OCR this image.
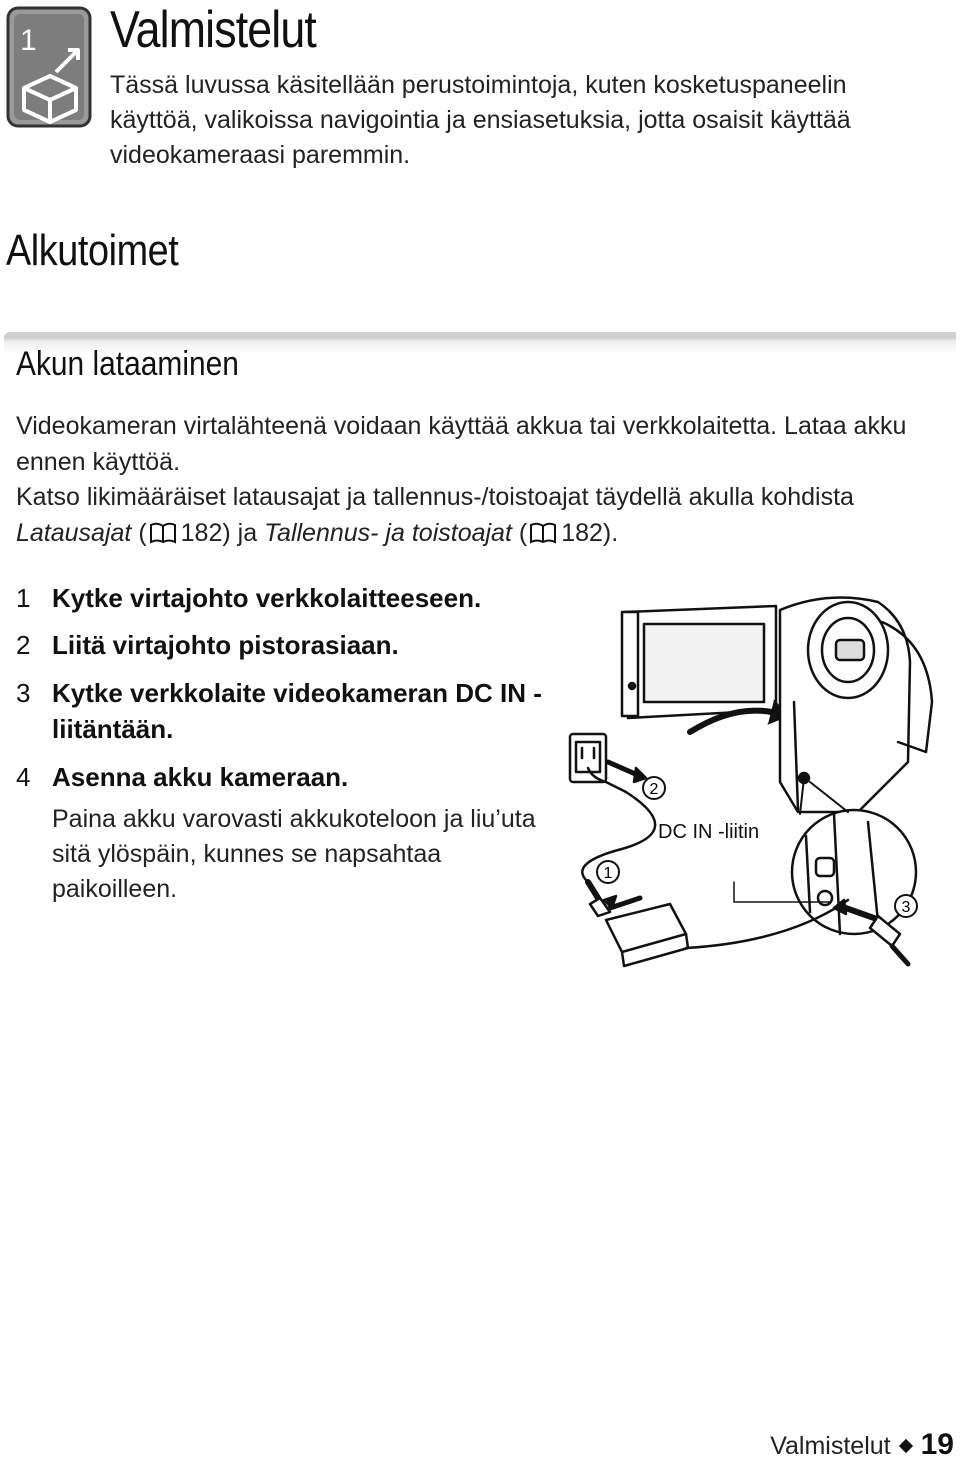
1 Valmistelut

Tässä luvussa käsitellään perustoimintoja, kuten kosketuspaneelin käyttöä, valikoissa navigointia ja ensiasetuksia, jotta osaisit käyttää videokameraasi paremmin.

Alkutoimet
Akun lataaminen

Videokameran virtalähteenä voidaan käyttää akkua tai verkkolaitetta. Lataa akku ennen käyttöä.

Katso likimääräiset latausajat ja tallennus-/toistoajat täydellä akulla kohdista Latausajat ( 182) ja Tallennus- ja toistoajat ( 182).

1 Kytke virtajohto verkkolaitteeseen.

2 Liitä virtajohto pistorasiaan.

3 Kytke verkkolaite videokameran DC IN -liitäntään.

4 Asenna akku kameraan.

Paina akku varovasti akkukoteloon ja liu’uta sitä ylöspäin, kunnes se napsahtaa paikoilleen.

1
2
3
DC IN -liitin
Valmistelut 19
